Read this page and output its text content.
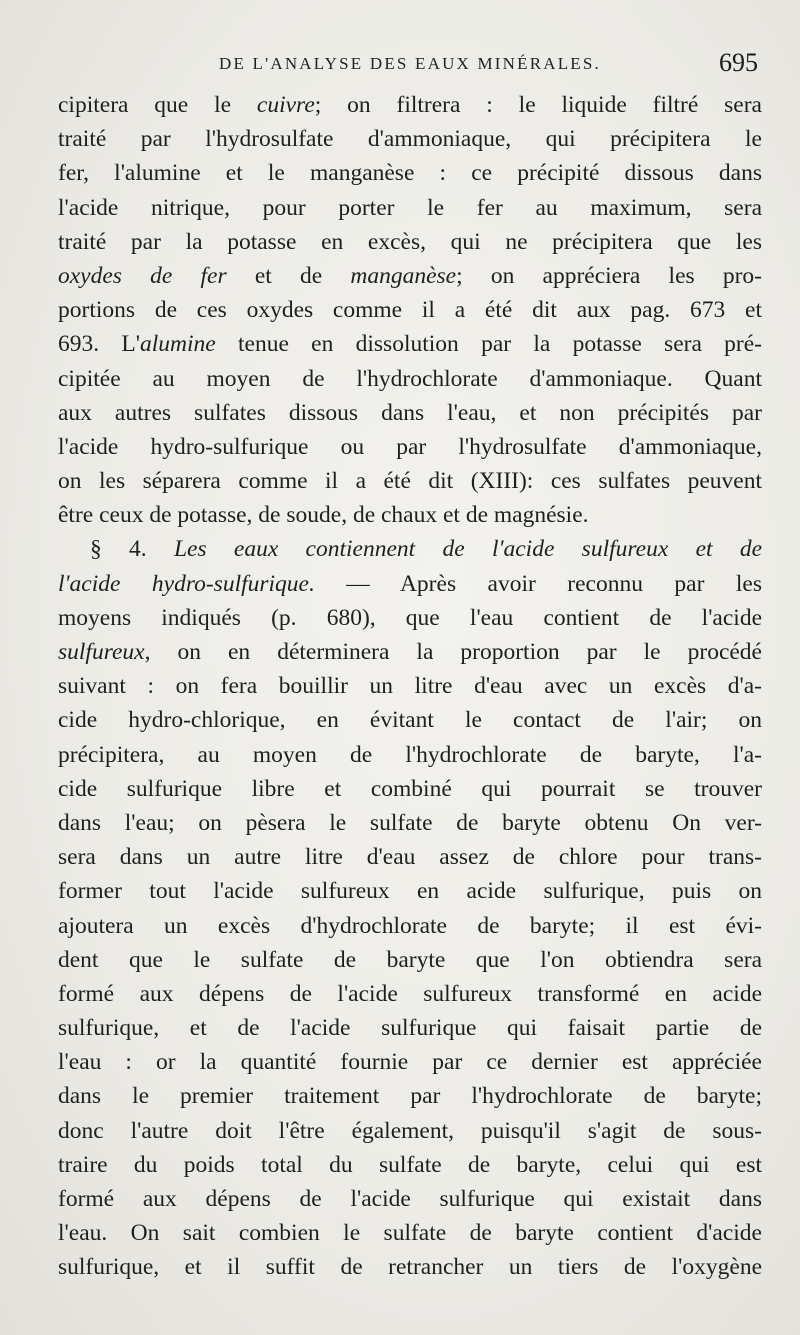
DE L'ANALYSE DES EAUX MINÉRALES.	695
cipitera que le cuivre; on filtrera : le liquide filtré sera
traité par l'hydrosulfate d'ammoniaque, qui précipitera le
fer, l'alumine et le manganèse : ce précipité dissous dans
l'acide nitrique, pour porter le fer au maximum, sera
traité par la potasse en excès, qui ne précipitera que les
oxydes de fer et de manganèse; on appréciera les pro-
portions de ces oxydes comme il a été dit aux pag. 673 et
693. L'alumine tenue en dissolution par la potasse sera pré-
cipitée au moyen de l'hydrochlorate d'ammoniaque. Quant
aux autres sulfates dissous dans l'eau, et non précipités par
l'acide hydro-sulfurique ou par l'hydrosulfate d'ammoniaque,
on les séparera comme il a été dit (XIII): ces sulfates peuvent
être ceux de potasse, de soude, de chaux et de magnésie.
§ 4. Les eaux contiennent de l'acide sulfureux et de
l'acide hydro-sulfurique. — Après avoir reconnu par les
moyens indiqués (p. 680), que l'eau contient de l'acide
sulfureux, on en déterminera la proportion par le procédé
suivant : on fera bouillir un litre d'eau avec un excès d'a-
cide hydro-chlorique, en évitant le contact de l'air; on
précipitera, au moyen de l'hydrochlorate de baryte, l'a-
cide sulfurique libre et combiné qui pourrait se trouver
dans l'eau; on pèsera le sulfate de baryte obtenu On ver-
sera dans un autre litre d'eau assez de chlore pour trans-
former tout l'acide sulfureux en acide sulfurique, puis on
ajoutera un excès d'hydrochlorate de baryte; il est évi-
dent que le sulfate de baryte que l'on obtiendra sera
formé aux dépens de l'acide sulfureux transformé en acide
sulfurique, et de l'acide sulfurique qui faisait partie de
l'eau : or la quantité fournie par ce dernier est appréciée
dans le premier traitement par l'hydrochlorate de baryte;
donc l'autre doit l'être également, puisqu'il s'agit de sous-
traire du poids total du sulfate de baryte, celui qui est
formé aux dépens de l'acide sulfurique qui existait dans
l'eau. On sait combien le sulfate de baryte contient d'acide
sulfurique, et il suffit de retrancher un tiers de l'oxygène
